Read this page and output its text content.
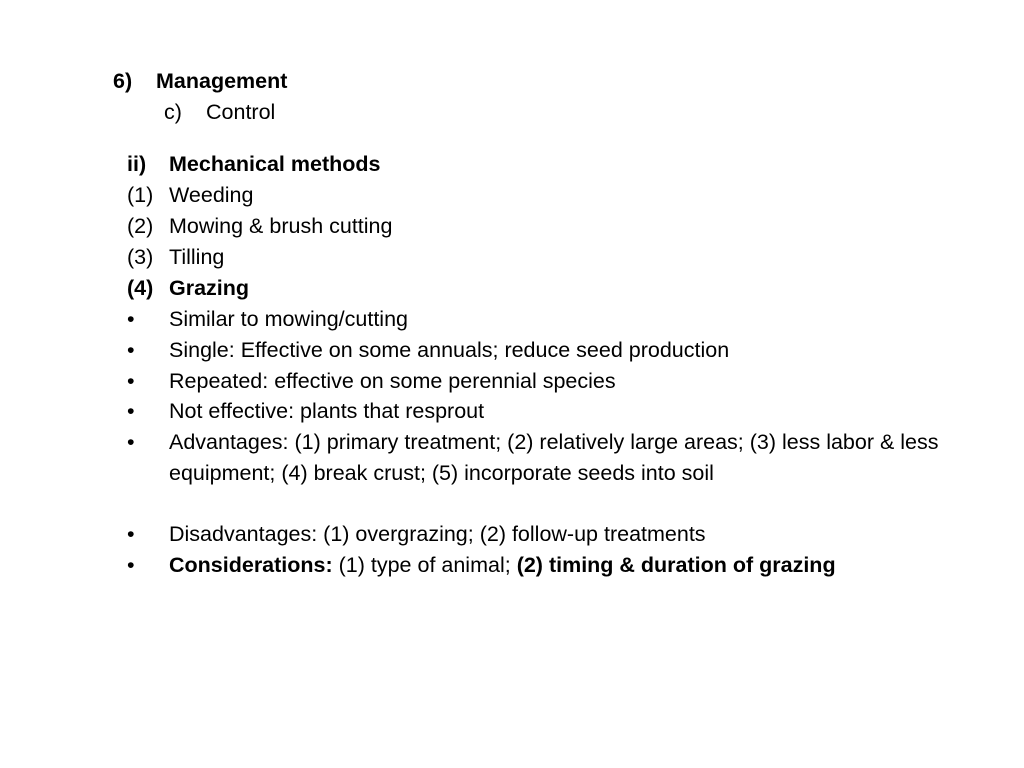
6) Management
c) Control
ii) Mechanical methods
(1) Weeding
(2) Mowing & brush cutting
(3) Tilling
(4) Grazing
• Similar to mowing/cutting
• Single: Effective on some annuals; reduce seed production
• Repeated: effective on some perennial species
• Not effective: plants that resprout
• Advantages: (1) primary treatment; (2) relatively large areas; (3) less labor & less equipment; (4) break crust; (5) incorporate seeds into soil
• Disadvantages: (1) overgrazing; (2) follow-up treatments
• Considerations: (1) type of animal; (2) timing & duration of grazing
